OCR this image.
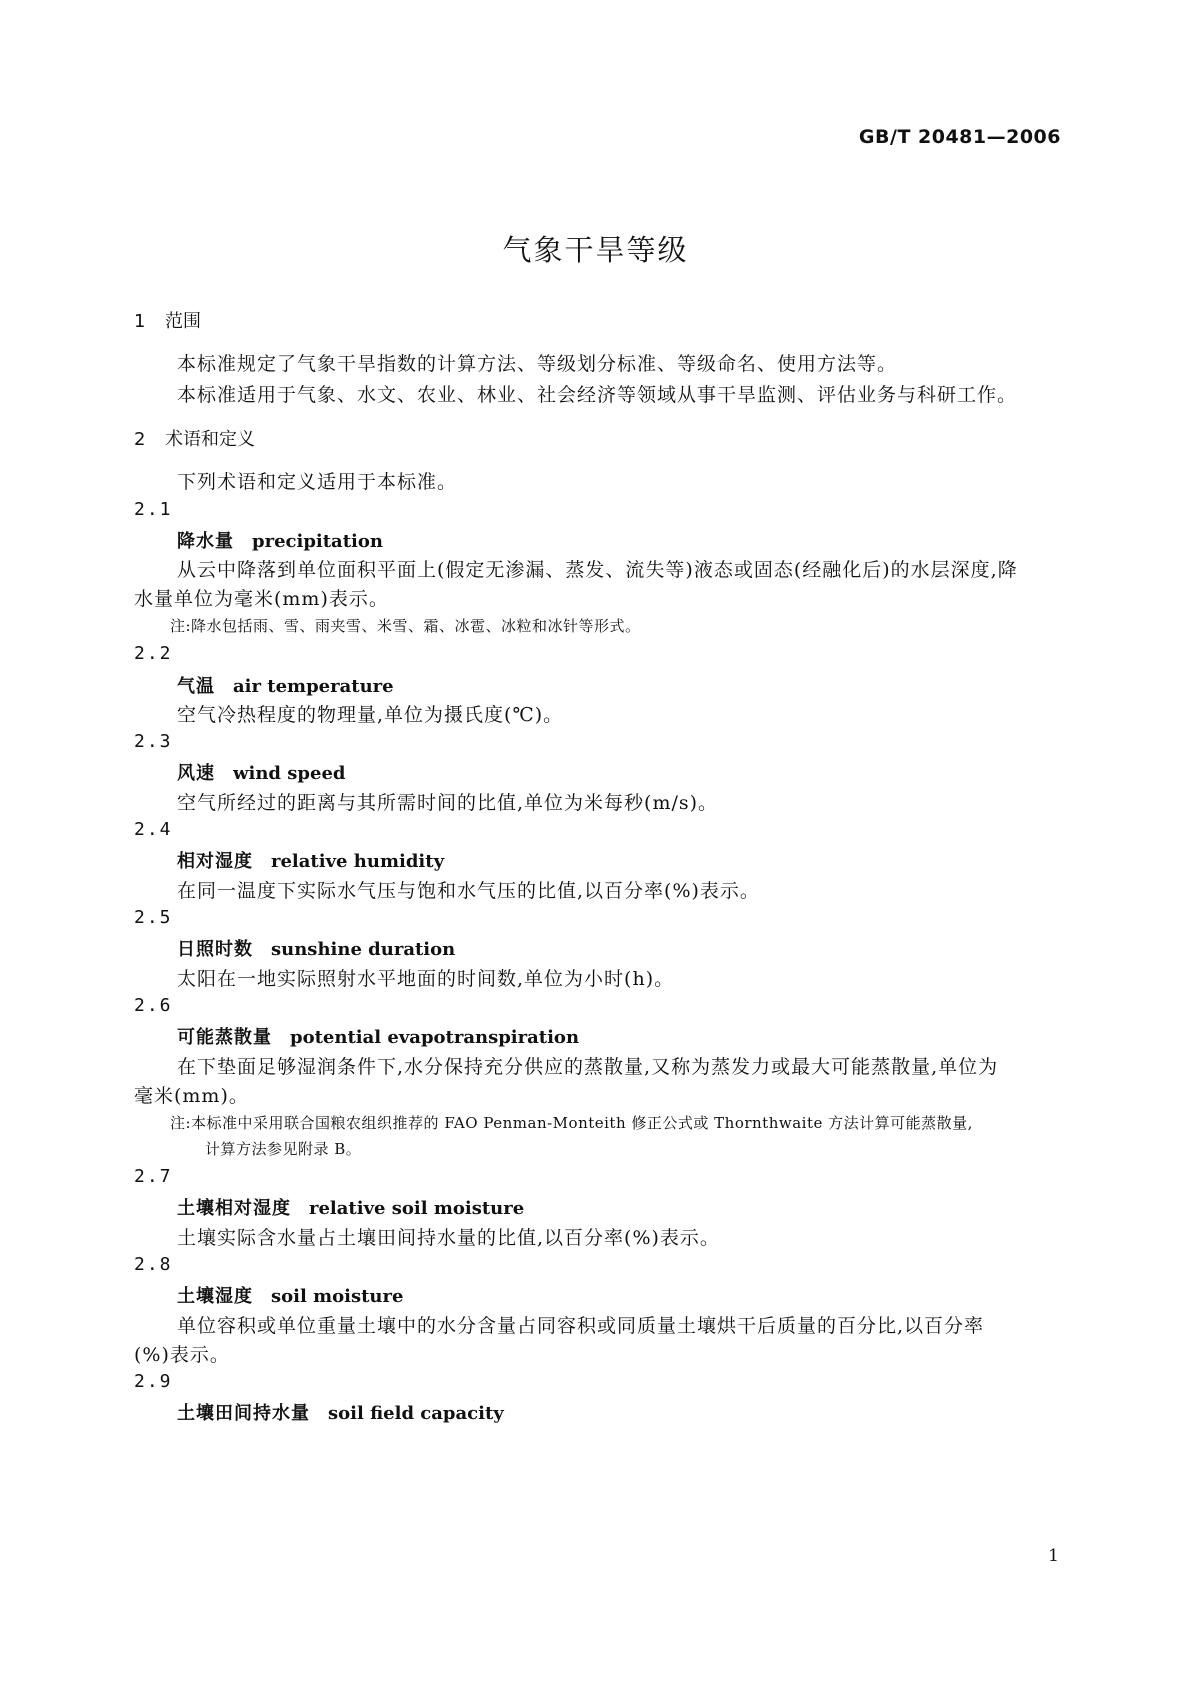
GB/T 20481—2006
气象干旱等级
1 范围
本标准规定了气象干旱指数的计算方法、等级划分标准、等级命名、使用方法等。
本标准适用于气象、水文、农业、林业、社会经济等领域从事干旱监测、评估业务与科研工作。
2 术语和定义
下列术语和定义适用于本标准。
2.1
降水量 precipitation
从云中降落到单位面积平面上(假定无渗漏、蒸发、流失等)液态或固态(经融化后)的水层深度,降
水量单位为毫米(mm)表示。
注:降水包括雨、雪、雨夹雪、米雪、霜、冰雹、冰粒和冰针等形式。
2.2
气温 air temperature
空气冷热程度的物理量,单位为摄氏度(℃)。
2.3
风速 wind speed
空气所经过的距离与其所需时间的比值,单位为米每秒(m/s)。
2.4
相对湿度 relative humidity
在同一温度下实际水气压与饱和水气压的比值,以百分率(%)表示。
2.5
日照时数 sunshine duration
太阳在一地实际照射水平地面的时间数,单位为小时(h)。
2.6
可能蒸散量 potential evapotranspiration
在下垫面足够湿润条件下,水分保持充分供应的蒸散量,又称为蒸发力或最大可能蒸散量,单位为
毫米(mm)。
注:本标准中采用联合国粮农组织推荐的 FAO Penman-Monteith 修正公式或 Thornthwaite 方法计算可能蒸散量,
计算方法参见附录 B。
2.7
土壤相对湿度 relative soil moisture
土壤实际含水量占土壤田间持水量的比值,以百分率(%)表示。
2.8
土壤湿度 soil moisture
单位容积或单位重量土壤中的水分含量占同容积或同质量土壤烘干后质量的百分比,以百分率
(%)表示。
2.9
土壤田间持水量 soil field capacity
1
